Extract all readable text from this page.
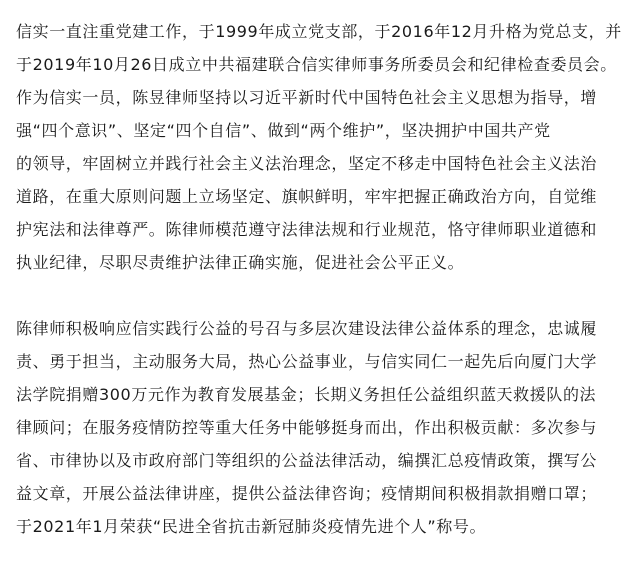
信实一直注重党建工作，于1999年成立党支部，于2016年12月升格为党总支，并

于2019年10月26日成立中共福建联合信实律师事务所委员会和纪律检查委员会。

作为信实一员，陈昱律师坚持以习近平新时代中国特色社会主义思想为指导，增

强“四个意识”、坚定“四个自信”、做到“两个维护”，坚决拥护中国共产党

的领导，牢固树立并践行社会主义法治理念，坚定不移走中国特色社会主义法治

道路，在重大原则问题上立场坚定、旗帜鲜明，牢牢把握正确政治方向，自觉维

护宪法和法律尊严。陈律师模范遵守法律法规和行业规范，恪守律师职业道德和

执业纪律，尽职尽责维护法律正确实施，促进社会公平正义。

陈律师积极响应信实践行公益的号召与多层次建设法律公益体系的理念，忠诚履

责、勇于担当，主动服务大局，热心公益事业，与信实同仁一起先后向厦门大学

法学院捐赠300万元作为教育发展基金；长期义务担任公益组织蓝天救援队的法

律顾问；在服务疫情防控等重大任务中能够挺身而出，作出积极贡献：多次参与

省、市律协以及市政府部门等组织的公益法律活动，编撰汇总疫情政策，撰写公

益文章，开展公益法律讲座，提供公益法律咨询；疫情期间积极捐款捐赠口罩；

于2021年1月荣获“民进全省抗击新冠肺炎疫情先进个人”称号。
